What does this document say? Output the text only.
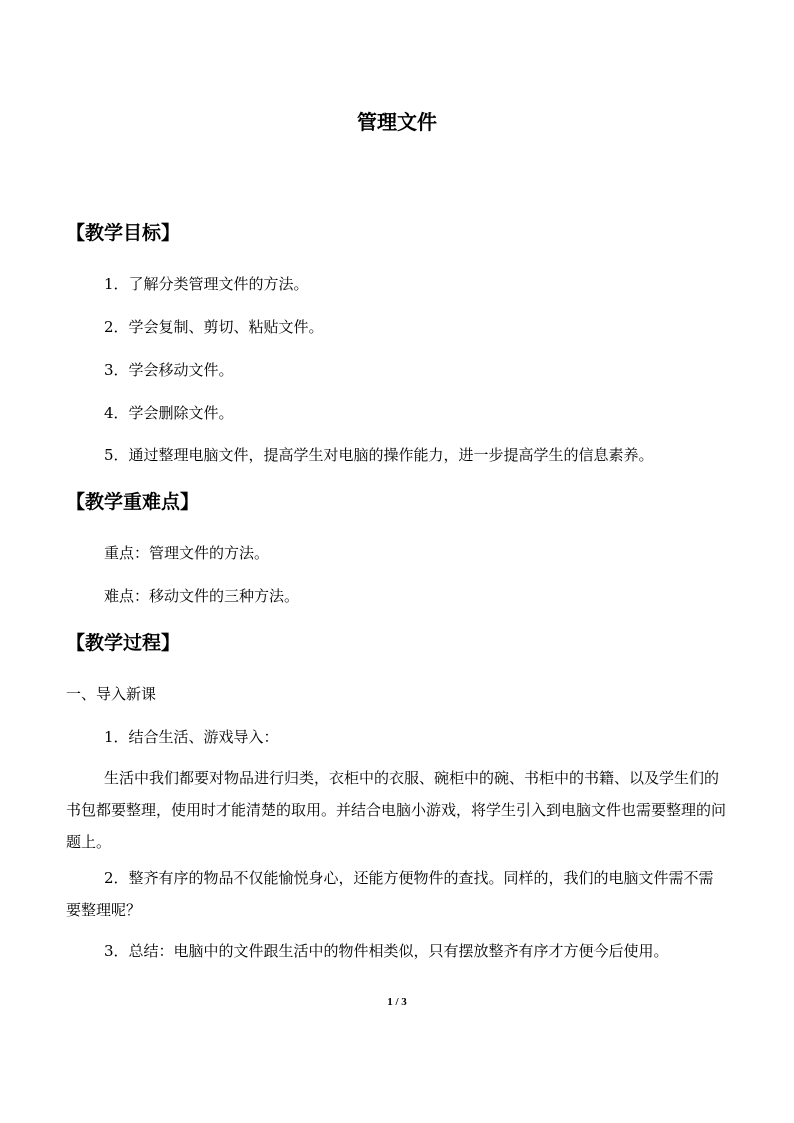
管理文件
【教学目标】
1．了解分类管理文件的方法。
2．学会复制、剪切、粘贴文件。
3．学会移动文件。
4．学会删除文件。
5．通过整理电脑文件，提高学生对电脑的操作能力，进一步提高学生的信息素养。
【教学重难点】
重点：管理文件的方法。
难点：移动文件的三种方法。
【教学过程】
一、导入新课
1．结合生活、游戏导入：
生活中我们都要对物品进行归类，衣柜中的衣服、碗柜中的碗、书柜中的书籍、以及学生们的书包都要整理，使用时才能清楚的取用。并结合电脑小游戏，将学生引入到电脑文件也需要整理的问题上。
2．整齐有序的物品不仅能愉悦身心，还能方便物件的查找。同样的，我们的电脑文件需不需要整理呢？
3．总结：电脑中的文件跟生活中的物件相类似，只有摆放整齐有序才方便今后使用。
1 / 3
